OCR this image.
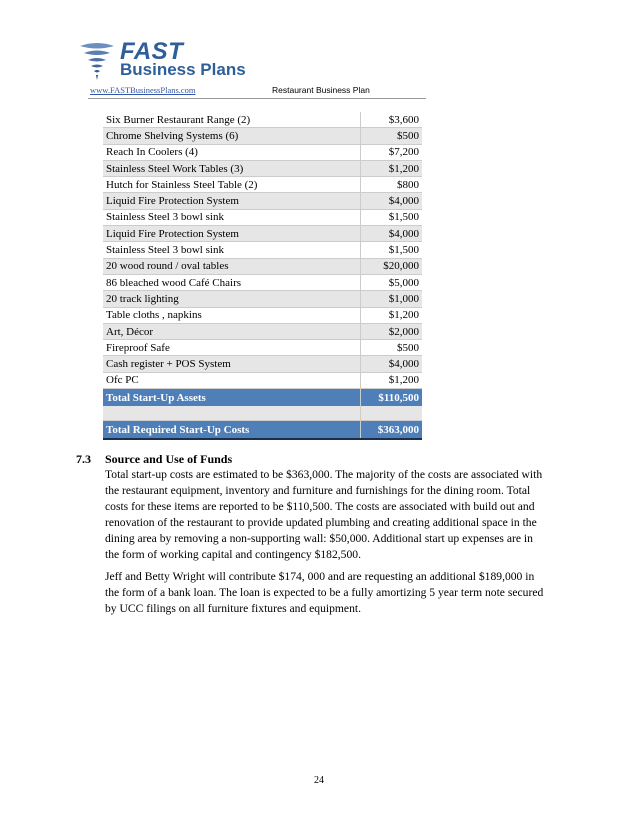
FAST
Business Plans
www.FASTBusinessPlans.com	Restaurant Business Plan
Six Burner Restaurant Range (2)	$3,600
Chrome Shelving Systems (6)	$500
Reach In Coolers (4)	$7,200
Stainless Steel Work Tables (3)	$1,200
Hutch for Stainless Steel Table (2)	$800
Liquid Fire Protection System	$4,000
Stainless Steel 3 bowl sink	$1,500
Liquid Fire Protection System	$4,000
Stainless Steel 3 bowl sink	$1,500
20 wood round / oval tables	$20,000
86 bleached wood Café Chairs	$5,000
20 track lighting	$1,000
Table cloths , napkins	$1,200
Art, Décor	$2,000
Fireproof Safe	$500
Cash register + POS System	$4,000
Ofc PC	$1,200
Total Start-Up Assets	$110,500

Total Required Start-Up Costs	$363,000
7.3 Source and Use of Funds
Total start-up costs are estimated to be $363,000. The majority of the costs are associated with the restaurant equipment, inventory and furniture and furnishings for the dining room. Total costs for these items are reported to be $110,500. The costs are associated with build out and renovation of the restaurant to provide updated plumbing and creating additional space in the dining area by removing a non-supporting wall: $50,000. Additional start up expenses are in the form of working capital and contingency $182,500.
Jeff and Betty Wright will contribute $174, 000 and are requesting an additional $189,000 in the form of a bank loan. The loan is expected to be a fully amortizing 5 year term note secured by UCC filings on all furniture fixtures and equipment.
24
